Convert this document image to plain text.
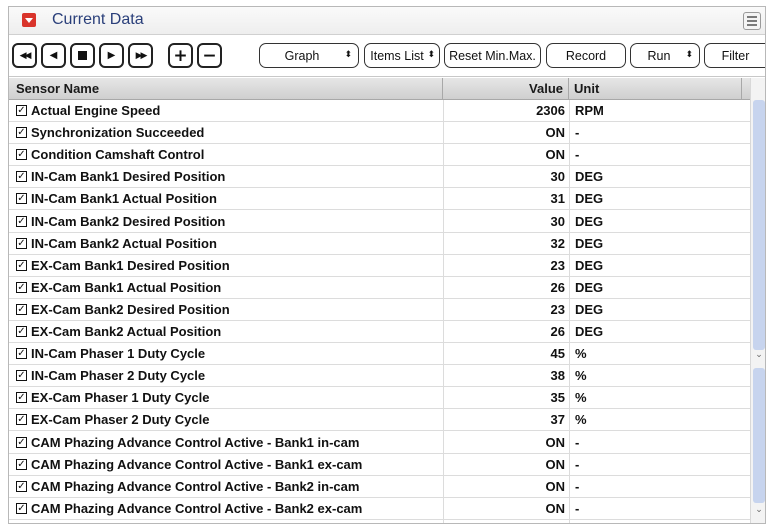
Current Data
◀◀ ◀	▶ ▶▶ + −	Graph	⬍ Items List ⬍ Reset Min.Max. Record	Run ⬍ Filter
Sensor Name	Value Unit
✓ Actual Engine Speed	2306 RPM
✓ Synchronization Succeeded	ON -
✓ Condition Camshaft Control	ON -
✓ IN-Cam Bank1 Desired Position	30 DEG
✓ IN-Cam Bank1 Actual Position	31 DEG
✓ IN-Cam Bank2 Desired Position	30 DEG
✓ IN-Cam Bank2 Actual Position	32 DEG
✓ EX-Cam Bank1 Desired Position	23 DEG
✓ EX-Cam Bank1 Actual Position	26 DEG
✓ EX-Cam Bank2 Desired Position	23 DEG
✓ EX-Cam Bank2 Actual Position	26 DEG
✓ IN-Cam Phaser 1 Duty Cycle	45 %
✓ IN-Cam Phaser 2 Duty Cycle	38 %
✓ EX-Cam Phaser 1 Duty Cycle	35 %
✓ EX-Cam Phaser 2 Duty Cycle	37 %
✓ CAM Phazing Advance Control Active - Bank1 in-cam	ON -
✓ CAM Phazing Advance Control Active - Bank1 ex-cam	ON -
✓ CAM Phazing Advance Control Active - Bank2 in-cam	ON -
✓ CAM Phazing Advance Control Active - Bank2 ex-cam	ON -
⌄
⌄
